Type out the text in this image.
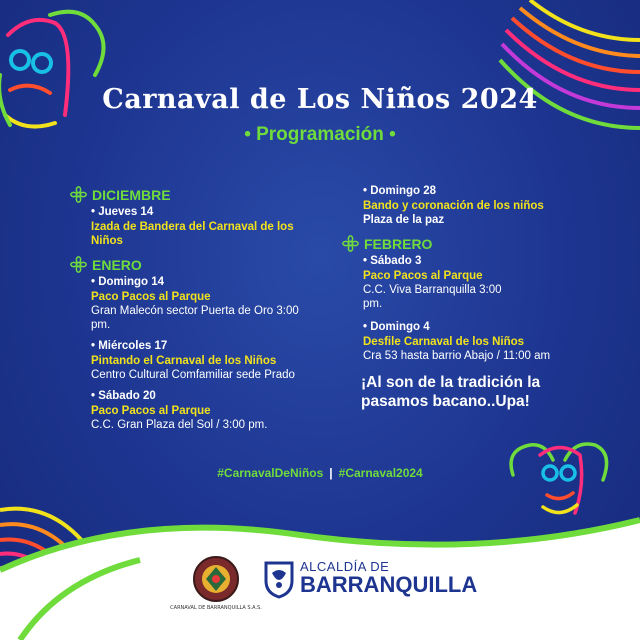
Carnaval de Los Niños 2024
• Programación •
DICIEMBRE
• Jueves 14
Izada de Bandera del Carnaval de los Niños
ENERO
• Domingo 14
Paco Pacos al Parque
Gran Malecón sector Puerta de Oro 3:00 pm.
• Miércoles 17
Pintando el Carnaval de los Niños
Centro Cultural Comfamiliar sede Prado
• Sábado 20
Paco Pacos al Parque
C.C. Gran Plaza del Sol / 3:00 pm.
• Domingo 28
Bando y coronación de los niños
Plaza de la paz
FEBRERO
• Sábado 3
Paco Pacos al Parque
C.C. Viva Barranquilla 3:00 pm.
• Domingo 4
Desfile Carnaval de los Niños
Cra 53 hasta barrio Abajo / 11:00 am
¡Al son de la tradición la pasamos bacano..Upa!
#CarnavalDeNiños | #Carnaval2024
CARNAVAL DE BARRANQUILLA S.A.S.
ALCALDÍA DE
BARRANQUILLA
